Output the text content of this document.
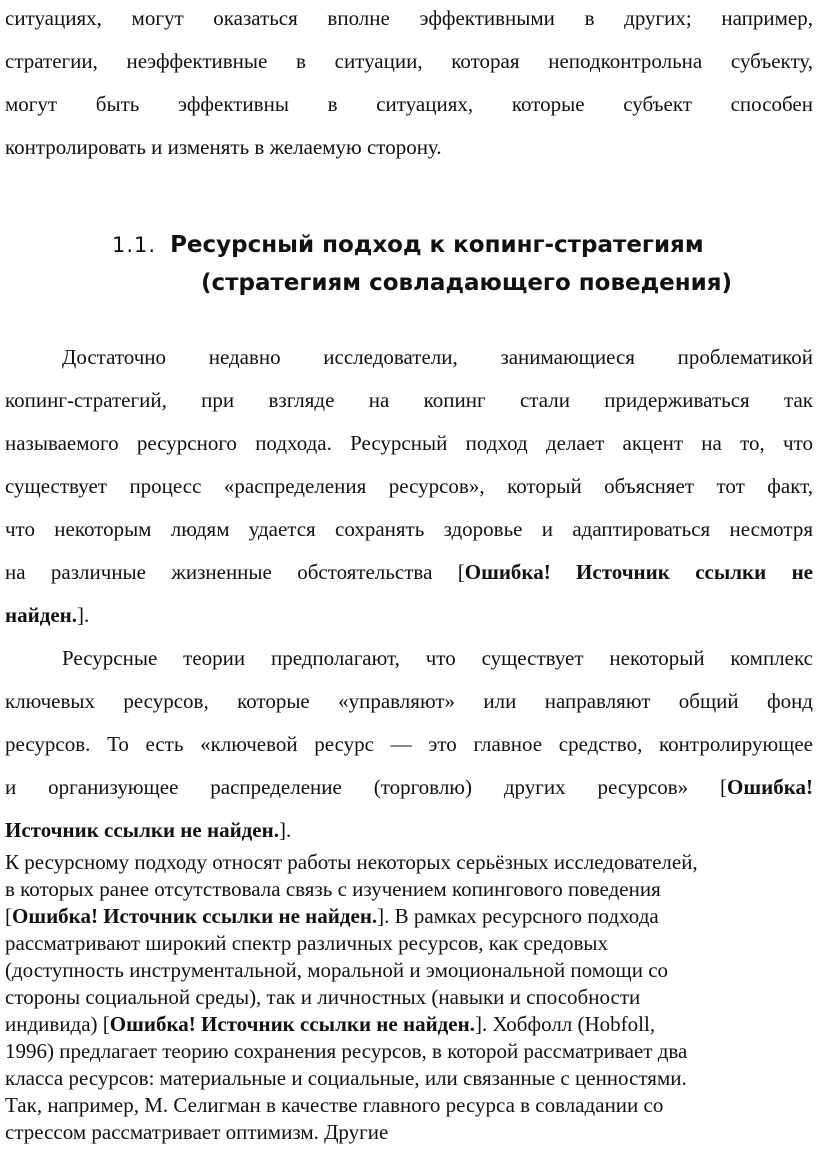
ситуациях, могут оказаться вполне эффективными в других; например,
стратегии, неэффективные в ситуации, которая неподконтрольна субъекту,
могут быть эффективны в ситуациях, которые субъект способен
контролировать и изменять в желаемую сторону.
1.1. Ресурсный подход к копинг-стратегиям
(стратегиям совладающего поведения)
Достаточно недавно исследователи, занимающиеся проблематикой
копинг-стратегий, при взгляде на копинг стали придерживаться так
называемого ресурсного подхода. Ресурсный подход делает акцент на то, что
существует процесс «распределения ресурсов», который объясняет тот факт,
что некоторым людям удается сохранять здоровье и адаптироваться несмотря
на различные жизненные обстоятельства [Ошибка! Источник ссылки не
найден.].
Ресурсные теории предполагают, что существует некоторый комплекс
ключевых ресурсов, которые «управляют» или направляют общий фонд
ресурсов. То есть «ключевой ресурс — это главное средство, контролирующее
и организующее распределение (торговлю) других ресурсов» [Ошибка!
Источник ссылки не найден.].
К ресурсному подходу относят работы некоторых серьёзных исследователей,
в которых ранее отсутствовала связь с изучением копингового поведения
[Ошибка! Источник ссылки не найден.]. В рамках ресурсного подхода
рассматривают широкий спектр различных ресурсов, как средовых
(доступность инструментальной, моральной и эмоциональной помощи со
стороны социальной среды), так и личностных (навыки и способности
индивида) [Ошибка! Источник ссылки не найден.]. Хобфолл (Hobfoll,
1996) предлагает теорию сохранения ресурсов, в которой рассматривает два
класса ресурсов: материальные и социальные, или связанные с ценностями.
Так, например, М. Селигман в качестве главного ресурса в совладании со
стрессом рассматривает оптимизм. Другие
